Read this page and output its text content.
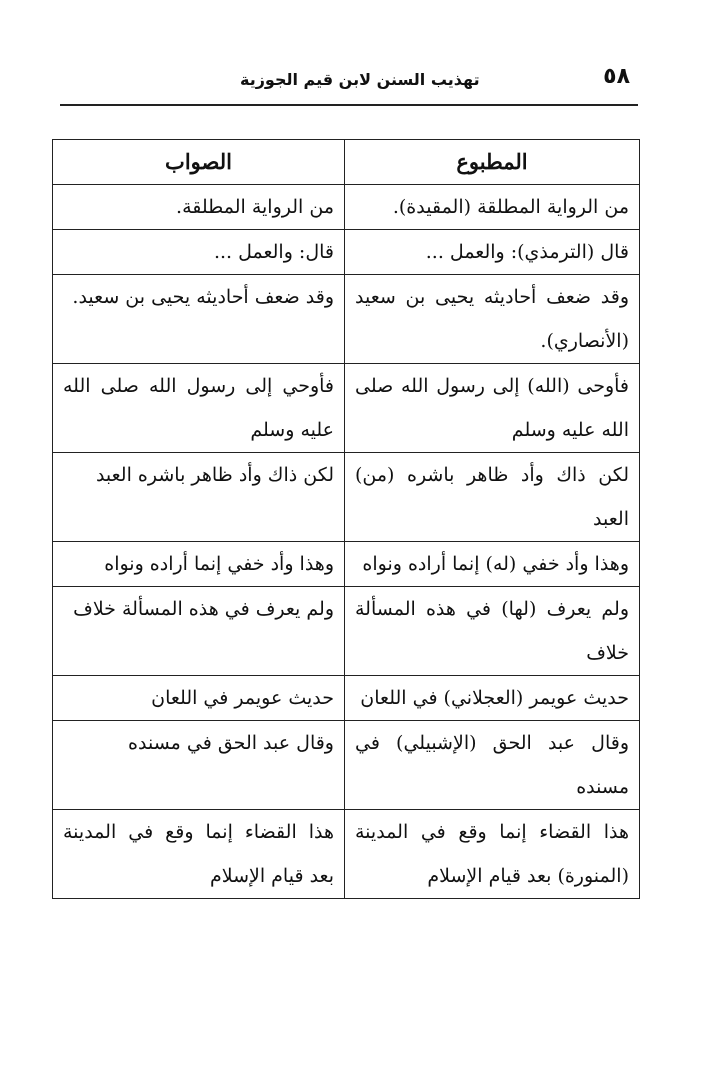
٥٨
تهذيب السنن لابن قيم الجوزية
المطبوع	الصواب

من الرواية المطلقة (المقيدة).	من الرواية المطلقة.

قال (الترمذي): والعمل ...	قال: والعمل ...

وقد ضعف أحاديثه يحيى بن سعيد (الأنصاري).	وقد ضعف أحاديثه يحيى بن سعيد.

فأوحى (الله) إلى رسول الله صلى الله عليه وسلم	فأوحي إلى رسول الله صلى الله عليه وسلم

لكن ذاك وأد ظاهر باشره (من) العبد	لكن ذاك وأد ظاهر باشره العبد

وهذا وأد خفي (له) إنما أراده ونواه	وهذا وأد خفي إنما أراده ونواه

ولم يعرف (لها) في هذه المسألة خلاف	ولم يعرف في هذه المسألة خلاف

حديث عويمر (العجلاني) في اللعان	حديث عويمر في اللعان

وقال عبد الحق (الإشبيلي) في مسنده	وقال عبد الحق في مسنده

هذا القضاء إنما وقع في المدينة (المنورة) بعد قيام الإسلام	هذا القضاء إنما وقع في المدينة بعد قيام الإسلام
